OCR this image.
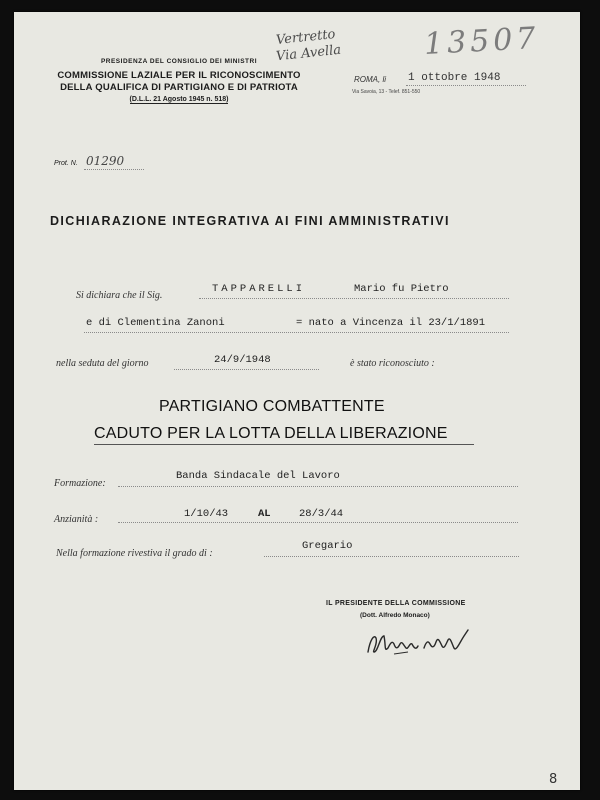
PRESIDENZA DEL CONSIGLIO DEI MINISTRI
COMMISSIONE LAZIALE PER IL RICONOSCIMENTO
DELLA QUALIFICA DI PARTIGIANO E DI PATRIOTA
(D.L.L. 21 Agosto 1945 n. 518)
Vertretto
Via Avella	13507
ROMA, li 1 ottobre 1948
Via Savoia, 13 - Telef. 851-550
Prot. N. 01290
DICHIARAZIONE INTEGRATIVA AI FINI AMMINISTRATIVI
Si dichiara che il Sig.
TAPPARELLI	Mario fu Pietro
e di Clementina Zanoni	= nato a Vincenza il 23/1/1891
nella seduta del giorno	24/9/1948	è stato riconosciuto :
PARTIGIANO COMBATTENTE
CADUTO PER LA LOTTA DELLA LIBERAZIONE
Formazione:
Banda Sindacale del Lavoro
Anzianità :	1/10/43	AL	28/3/44
Nella formazione rivestiva il grado di :
Gregario
IL PRESIDENTE DELLA COMMISSIONE
(Dott. Alfredo Monaco)
8
